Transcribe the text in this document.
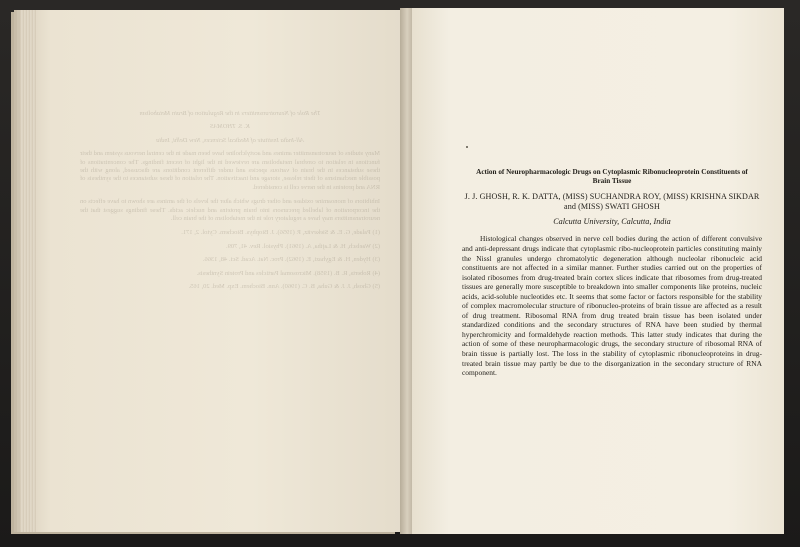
The Role of Neurotransmitters in the Regulation of Brain Metabolism
K. S. THOMAS
All-India Institute of Medical Sciences, New Delhi, India

Many studies of neurotransmitter amines and acetylcholine have been made in the central nervous system and their functions in relation to cerebral metabolism are reviewed in the light of recent findings. The concentrations of these substances in the brain of various species and under different conditions are discussed, along with the possible mechanisms of their release, storage and inactivation. The relation of these substances to the synthesis of RNA and proteins in the nerve cell is considered.

Inhibitors of monoamine oxidase and other drugs which alter the levels of the amines are shown to have effects on the incorporation of labelled precursors into brain proteins and nucleic acids. These findings suggest that the neurotransmitters may have a regulatory role in the metabolism of the brain cell.

(1) Palade, G. E. & Siekevitz, P. (1956). J. Biophys. Biochem. Cytol. 2, 171.
(2) Waelsch, H. & Lajtha, A. (1961). Physiol. Rev. 41, 709.
(3) Hyden, H. & Egyhazi, E. (1962). Proc. Nat. Acad. Sci. 48, 1366.
(4) Roberts, R. B. (1958). Microsomal Particles and Protein Synthesis.
(5) Ghosh, J. J. & Guha, B. C. (1960). Ann. Biochem. Exp. Med. 20, 165.
Action of Neuropharmacologic Drugs on Cytoplasmic Ribonucleoprotein Constituents of Brain Tissue
J. J. GHOSH, R. K. DATTA, (MISS) SUCHANDRA ROY, (MISS) KRISHNA SIKDAR and (MISS) SWATI GHOSH
Calcutta University, Calcutta, India

Histological changes observed in nerve cell bodies during the action of different convulsive and anti-depressant drugs indicate that cytoplasmic ribo-nucleoprotein particles constituting mainly the Nissl granules undergo chromatolytic degeneration although nucleolar ribonucleic acid constituents are not affected in a similar manner. Further studies carried out on the properties of isolated ribosomes from drug-treated brain cortex slices indicate that ribosomes from drug-treated tissues are generally more susceptible to breakdown into smaller components like proteins, nucleic acids, acid-soluble nucleotides etc. It seems that some factor or factors responsible for the stability of complex macromolecular structure of ribonucleo-proteins of brain tissue are affected as a result of drug treatment. Ribosomal RNA from drug treated brain tissue has been isolated under standardized conditions and the secondary structures of RNA have been studied by thermal hyperchromicity and formaldehyde reaction methods. This latter study indicates that during the action of some of these neuropharmacologic drugs, the secondary structure of ribosomal RNA of brain tissue is partially lost. The loss in the stability of cytoplasmic ribonucleoproteins in drug-treated brain tissue may partly be due to the disorganization in the secondary structure of RNA component.
